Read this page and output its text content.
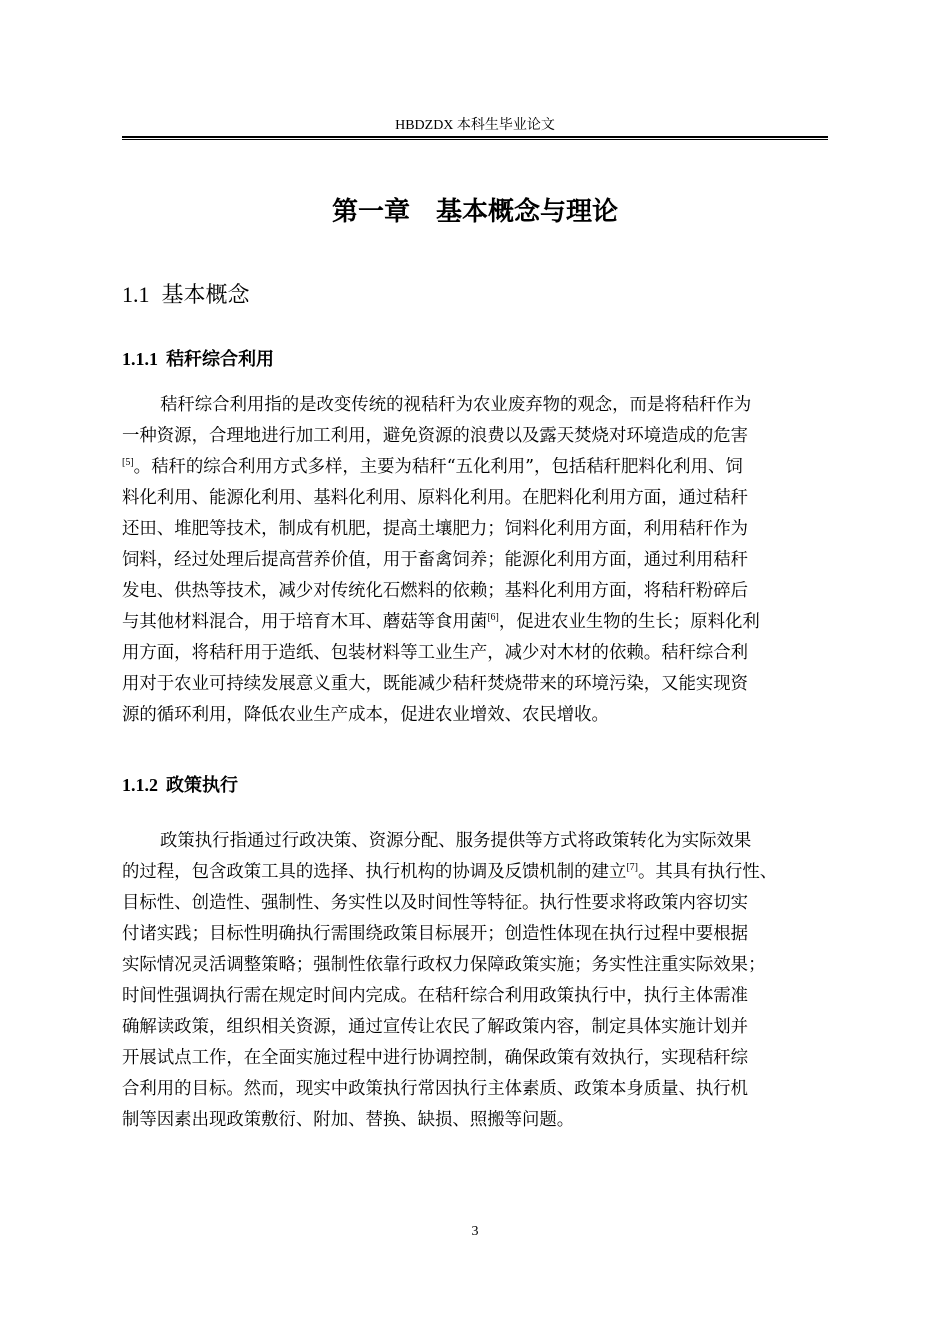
HBDZDX 本科生毕业论文
第一章　基本概念与理论
1.1 基本概念
1.1.1 秸秆综合利用
秸秆综合利用指的是改变传统的视秸秆为农业废弃物的观念，而是将秸秆作为
一种资源，合理地进行加工利用，避免资源的浪费以及露天焚烧对环境造成的危害
[5]。秸秆的综合利用方式多样，主要为秸秆“五化利用”，包括秸秆肥料化利用、饲
料化利用、能源化利用、基料化利用、原料化利用。在肥料化利用方面，通过秸秆
还田、堆肥等技术，制成有机肥，提高土壤肥力；饲料化利用方面，利用秸秆作为
饲料，经过处理后提高营养价值，用于畜禽饲养；能源化利用方面，通过利用秸秆
发电、供热等技术，减少对传统化石燃料的依赖；基料化利用方面，将秸秆粉碎后
与其他材料混合，用于培育木耳、蘑菇等食用菌[6]，促进农业生物的生长；原料化利
用方面，将秸秆用于造纸、包装材料等工业生产，减少对木材的依赖。秸秆综合利
用对于农业可持续发展意义重大，既能减少秸秆焚烧带来的环境污染，又能实现资
源的循环利用，降低农业生产成本，促进农业增效、农民增收。
1.1.2 政策执行
政策执行指通过行政决策、资源分配、服务提供等方式将政策转化为实际效果
的过程，包含政策工具的选择、执行机构的协调及反馈机制的建立[7]。其具有执行性、
目标性、创造性、强制性、务实性以及时间性等特征。执行性要求将政策内容切实
付诸实践；目标性明确执行需围绕政策目标展开；创造性体现在执行过程中要根据
实际情况灵活调整策略；强制性依靠行政权力保障政策实施；务实性注重实际效果；
时间性强调执行需在规定时间内完成。在秸秆综合利用政策执行中，执行主体需准
确解读政策，组织相关资源，通过宣传让农民了解政策内容，制定具体实施计划并
开展试点工作，在全面实施过程中进行协调控制，确保政策有效执行，实现秸秆综
合利用的目标。然而，现实中政策执行常因执行主体素质、政策本身质量、执行机
制等因素出现政策敷衍、附加、替换、缺损、照搬等问题。
3
